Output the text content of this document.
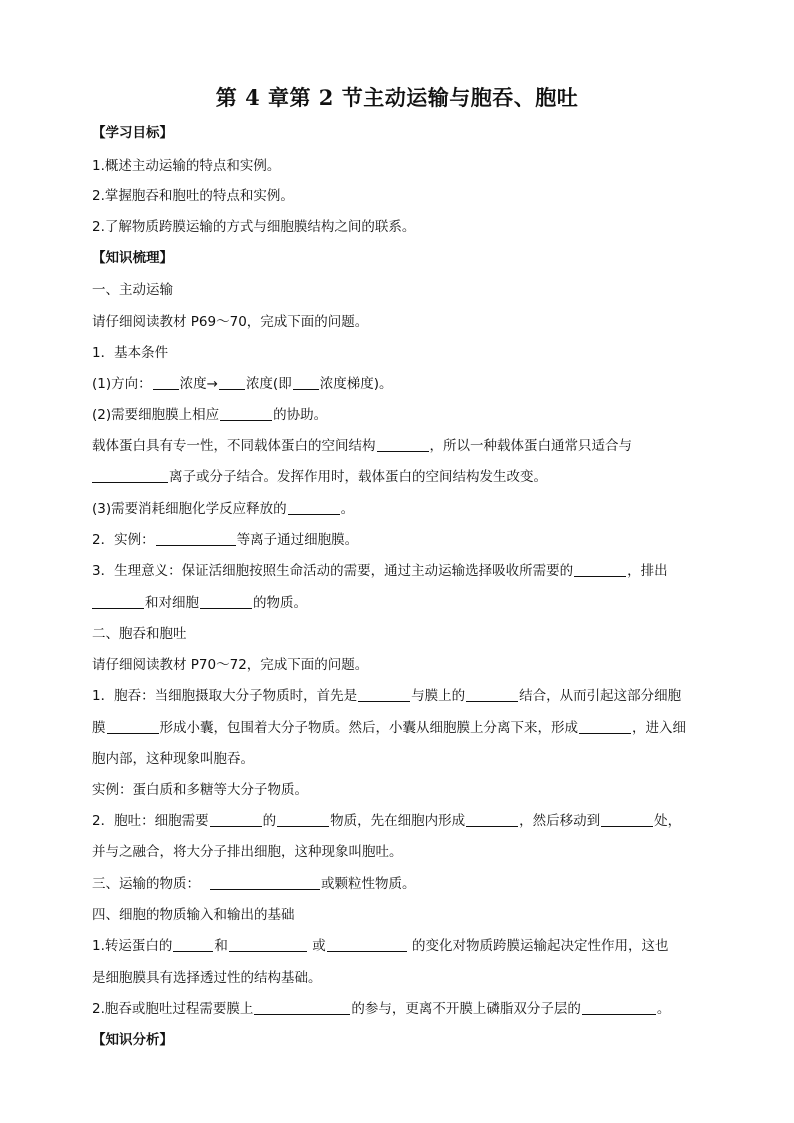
第 4 章第 2 节主动运输与胞吞、胞吐
【学习目标】
1.概述主动运输的特点和实例。
2.掌握胞吞和胞吐的特点和实例。
2.了解物质跨膜运输的方式与细胞膜结构之间的联系。
【知识梳理】
一、主动运输
请仔细阅读教材 P69～70，完成下面的问题。
1．基本条件
(1)方向： 浓度→ 浓度(即 浓度梯度)。
(2)需要细胞膜上相应	的协助。
载体蛋白具有专一性，不同载体蛋白的空间结构	，所以一种载体蛋白通常只适合与
离子或分子结合。发挥作用时，载体蛋白的空间结构发生改变。
(3)需要消耗细胞化学反应释放的	。
2．实例：	等离子通过细胞膜。
3．生理意义：保证活细胞按照生命活动的需要，通过主动运输选择吸收所需要的	，排出
和对细胞	的物质。
二、胞吞和胞吐
请仔细阅读教材 P70～72，完成下面的问题。
1．胞吞：当细胞摄取大分子物质时，首先是	与膜上的	结合，从而引起这部分细胞
膜	形成小囊，包围着大分子物质。然后，小囊从细胞膜上分离下来，形成	，进入细
胞内部，这种现象叫胞吞。
实例：蛋白质和多糖等大分子物质。
2．胞吐：细胞需要	的	物质，先在细胞内形成	，然后移动到	处，
并与之融合，将大分子排出细胞，这种现象叫胞吐。
三、运输的物质：	或颗粒性物质。
四、细胞的物质输入和输出的基础
1.转运蛋白的	和	或	的变化对物质跨膜运输起决定性作用，这也
是细胞膜具有选择透过性的结构基础。
2.胞吞或胞吐过程需要膜上	的参与，更离不开膜上磷脂双分子层的	。
【知识分析】
